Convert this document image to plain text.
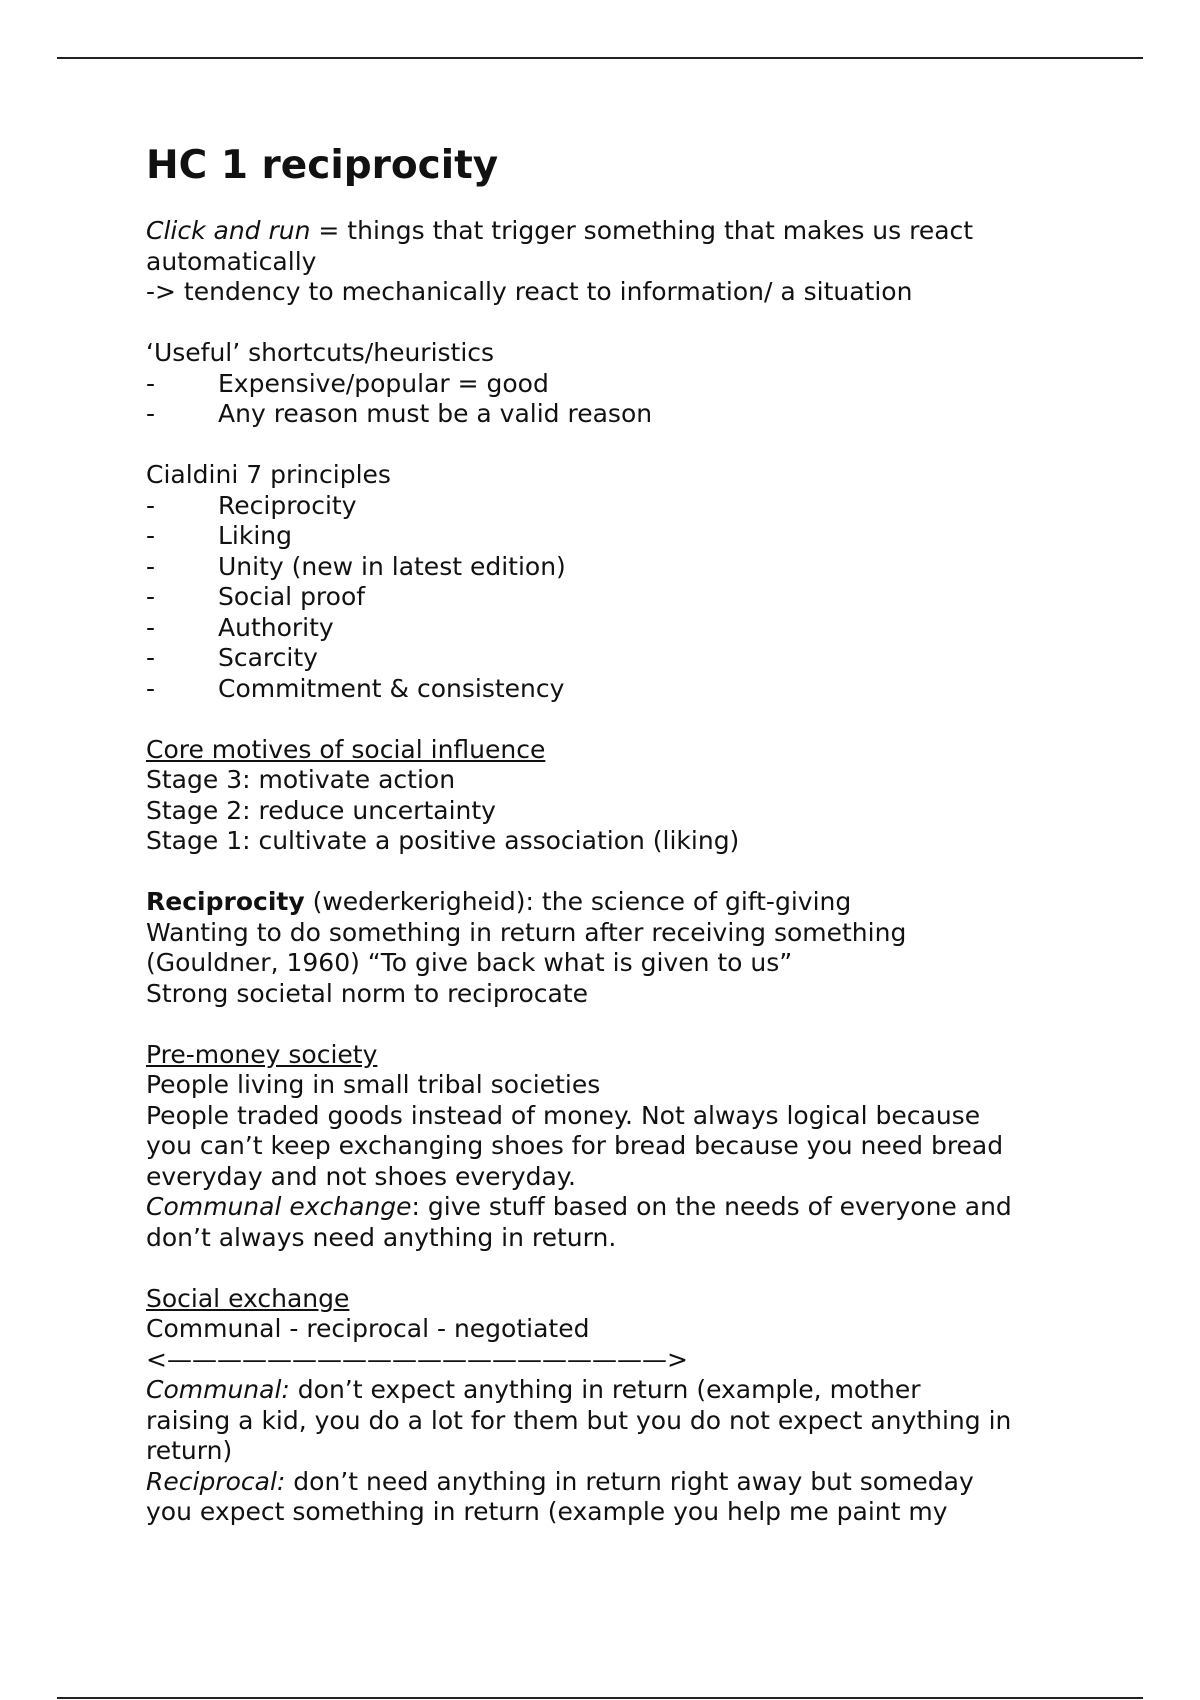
HC 1 reciprocity
Click and run = things that trigger something that makes us react
automatically
-> tendency to mechanically react to information/ a situation
‘Useful’ shortcuts/heuristics
-	Expensive/popular = good
-	Any reason must be a valid reason
Cialdini 7 principles
-	Reciprocity
-	Liking
-	Unity (new in latest edition)
-	Social proof
-	Authority
-	Scarcity
-	Commitment & consistency
Core motives of social influence
Stage 3: motivate action
Stage 2: reduce uncertainty
Stage 1: cultivate a positive association (liking)
Reciprocity (wederkerigheid): the science of gift-giving
Wanting to do something in return after receiving something
(Gouldner, 1960) “To give back what is given to us”
Strong societal norm to reciprocate
Pre-money society
People living in small tribal societies
People traded goods instead of money. Not always logical because
you can’t keep exchanging shoes for bread because you need bread
everyday and not shoes everyday.
Communal exchange: give stuff based on the needs of everyone and
don’t always need anything in return.
Social exchange
Communal - reciprocal - negotiated
<————————————————————>
Communal: don’t expect anything in return (example, mother
raising a kid, you do a lot for them but you do not expect anything in
return)
Reciprocal: don’t need anything in return right away but someday
you expect something in return (example you help me paint my
